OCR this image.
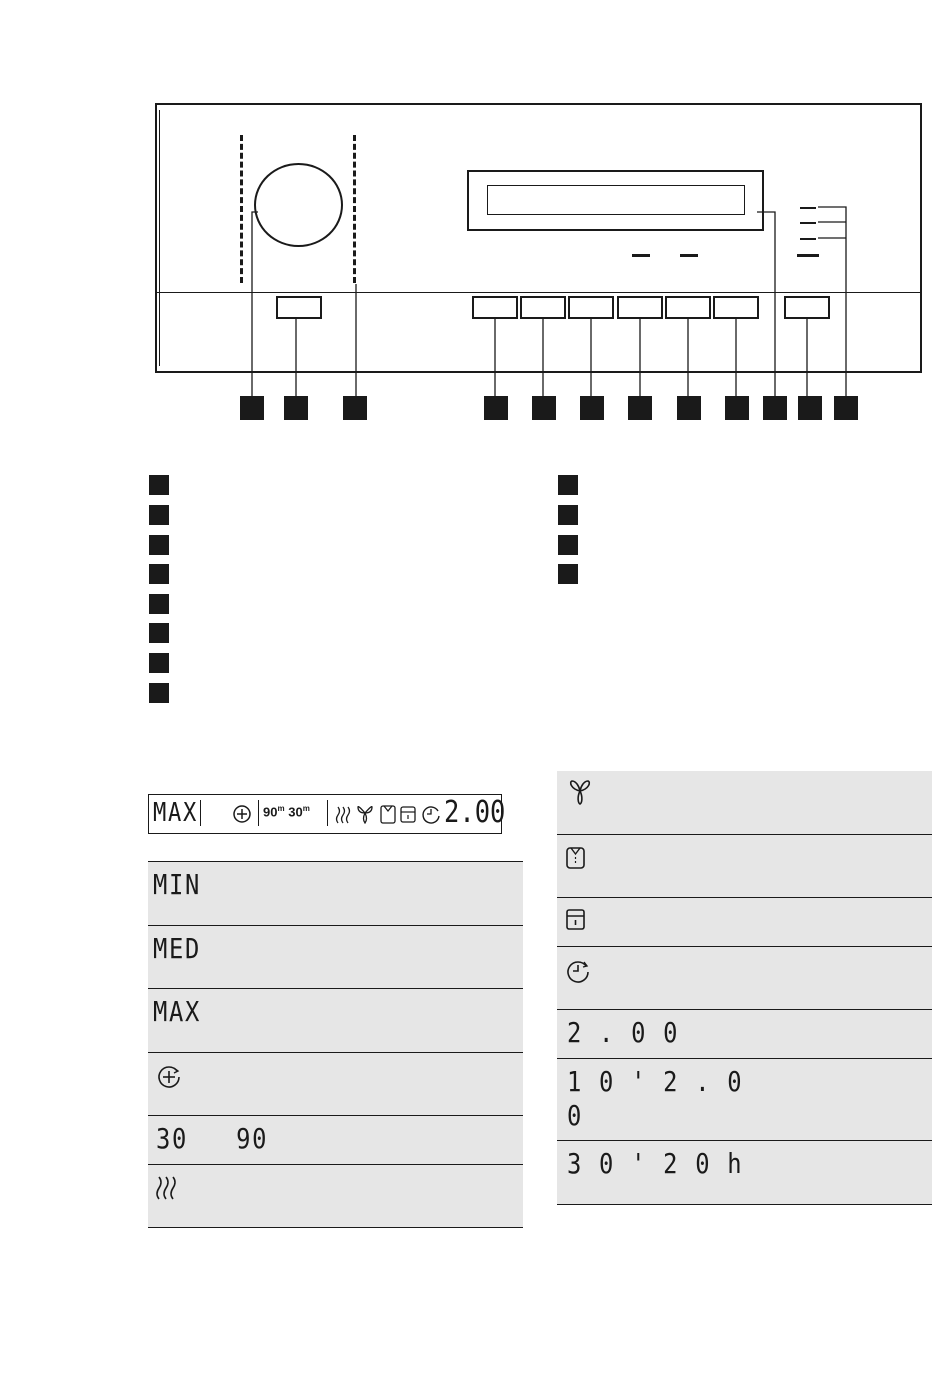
MAX	90$^m$ 30$^m$	2.00
MIN
MED
MAX
30   90
2 . 0 0
1 0 ' 2 . 0
0
3 0 ' 2 0 h
